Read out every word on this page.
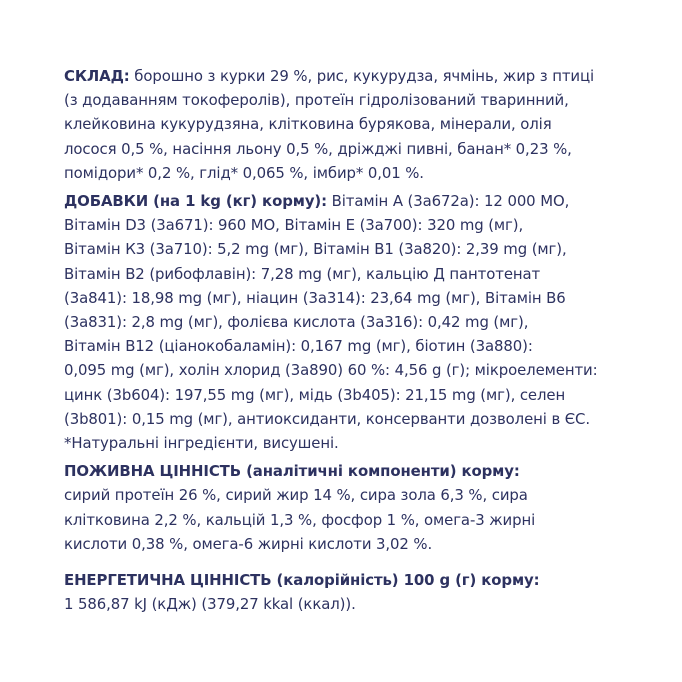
СКЛАД: борошно з курки 29 %, рис, кукурудза, ячмінь, жир з птиці
(з додаванням токоферолів), протеїн гідролізований тваринний,
клейковина кукурудзяна, клітковина бурякова, мінерали, олія
лосося 0,5 %, насіння льону 0,5 %, дріжджі пивні, банан* 0,23 %,
помідори* 0,2 %, глід* 0,065 %, імбир* 0,01 %.

ДОБАВКИ (на 1 kg (кг) корму): Вітамін А (3а672а): 12 000 МО,
Вітамін D3 (3а671): 960 МО, Вітамін Е (3а700): 320 mg (мг),
Вітамін К3 (3а710): 5,2 mg (мг), Вітамін В1 (3а820): 2,39 mg (мг),
Вітамін В2 (рибофлавін): 7,28 mg (мг), кальцію Д пантотенат
(3а841): 18,98 mg (мг), ніацин (3а314): 23,64 mg (мг), Вітамін В6
(3а831): 2,8 mg (мг), фолієва кислота (3а316): 0,42 mg (мг),
Вітамін В12 (ціанокобаламін): 0,167 mg (мг), біотин (3а880):
0,095 mg (мг), холін хлорид (3а890) 60 %: 4,56 g (г); мікроелементи:
цинк (3b604): 197,55 mg (мг), мідь (3b405): 21,15 mg (мг), селен
(3b801): 0,15 mg (мг), антиоксиданти, консерванти дозволені в ЄС.
*Натуральні інгредієнти, висушені.

ПОЖИВНА ЦІННІСТЬ (аналітичні компоненти) корму:
сирий протеїн 26 %, сирий жир 14 %, сира зола 6,3 %, сира
клітковина 2,2 %, кальцій 1,3 %, фосфор 1 %, омега-3 жирні
кислоти 0,38 %, омега-6 жирні кислоти 3,02 %.

ЕНЕРГЕТИЧНА ЦІННІСТЬ (калорійність) 100 g (г) корму:
1 586,87 kJ (кДж) (379,27 kkal (ккал)).
